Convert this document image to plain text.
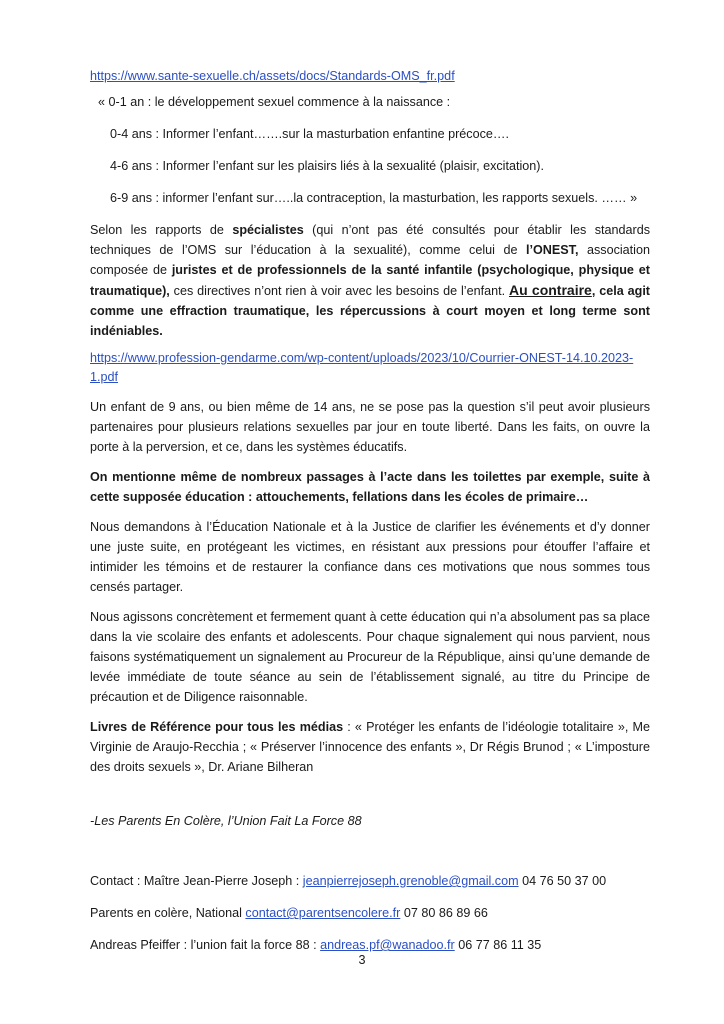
https://www.sante-sexuelle.ch/assets/docs/Standards-OMS_fr.pdf

« 0-1 an : le développement sexuel commence à la naissance :

0-4 ans : Informer l’enfant…….sur la masturbation enfantine précoce….

4-6 ans : Informer l’enfant sur les plaisirs liés à la sexualité (plaisir, excitation).

6-9 ans : informer l’enfant sur…..la contraception, la masturbation, les rapports sexuels. …… »

Selon les rapports de spécialistes (qui n’ont pas été consultés pour établir les standards techniques de l’OMS sur l’éducation à la sexualité), comme celui de l’ONEST, association composée de juristes et de professionnels de la santé infantile (psychologique, physique et traumatique), ces directives n’ont rien à voir avec les besoins de l’enfant. Au contraire, cela agit comme une effraction traumatique, les répercussions à court moyen et long terme sont indéniables.

https://www.profession-gendarme.com/wp-content/uploads/2023/10/Courrier-ONEST-14.10.2023-1.pdf

Un enfant de 9 ans, ou bien même de 14 ans, ne se pose pas la question s’il peut avoir plusieurs partenaires pour plusieurs relations sexuelles par jour en toute liberté. Dans les faits, on ouvre la porte à la perversion, et ce, dans les systèmes éducatifs.

On mentionne même de nombreux passages à l’acte dans les toilettes par exemple, suite à cette supposée éducation : attouchements, fellations dans les écoles de primaire…

Nous demandons à l’Éducation Nationale et à la Justice de clarifier les événements et d’y donner une juste suite, en protégeant les victimes, en résistant aux pressions pour étouffer l’affaire et intimider les témoins et de restaurer la confiance dans ces motivations que nous sommes tous censés partager.

Nous agissons concrètement et fermement quant à cette éducation qui n’a absolument pas sa place dans la vie scolaire des enfants et adolescents. Pour chaque signalement qui nous parvient, nous faisons systématiquement un signalement au Procureur de la République, ainsi qu’une demande de levée immédiate de toute séance au sein de l’établissement signalé, au titre du Principe de précaution et de Diligence raisonnable.

Livres de Référence pour tous les médias : « Protéger les enfants de l’idéologie totalitaire », Me Virginie de Araujo-Recchia ; « Préserver l’innocence des enfants », Dr Régis Brunod ; « L’imposture des droits sexuels », Dr. Ariane Bilheran

-Les Parents En Colère, l’Union Fait La Force 88

Contact : Maître Jean-Pierre Joseph : jeanpierrejoseph.grenoble@gmail.com 04 76 50 37 00

Parents en colère, National contact@parentsencolere.fr 07 80 86 89 66

Andreas Pfeiffer : l’union fait la force 88 : andreas.pf@wanadoo.fr 06 77 86 11 35

3
